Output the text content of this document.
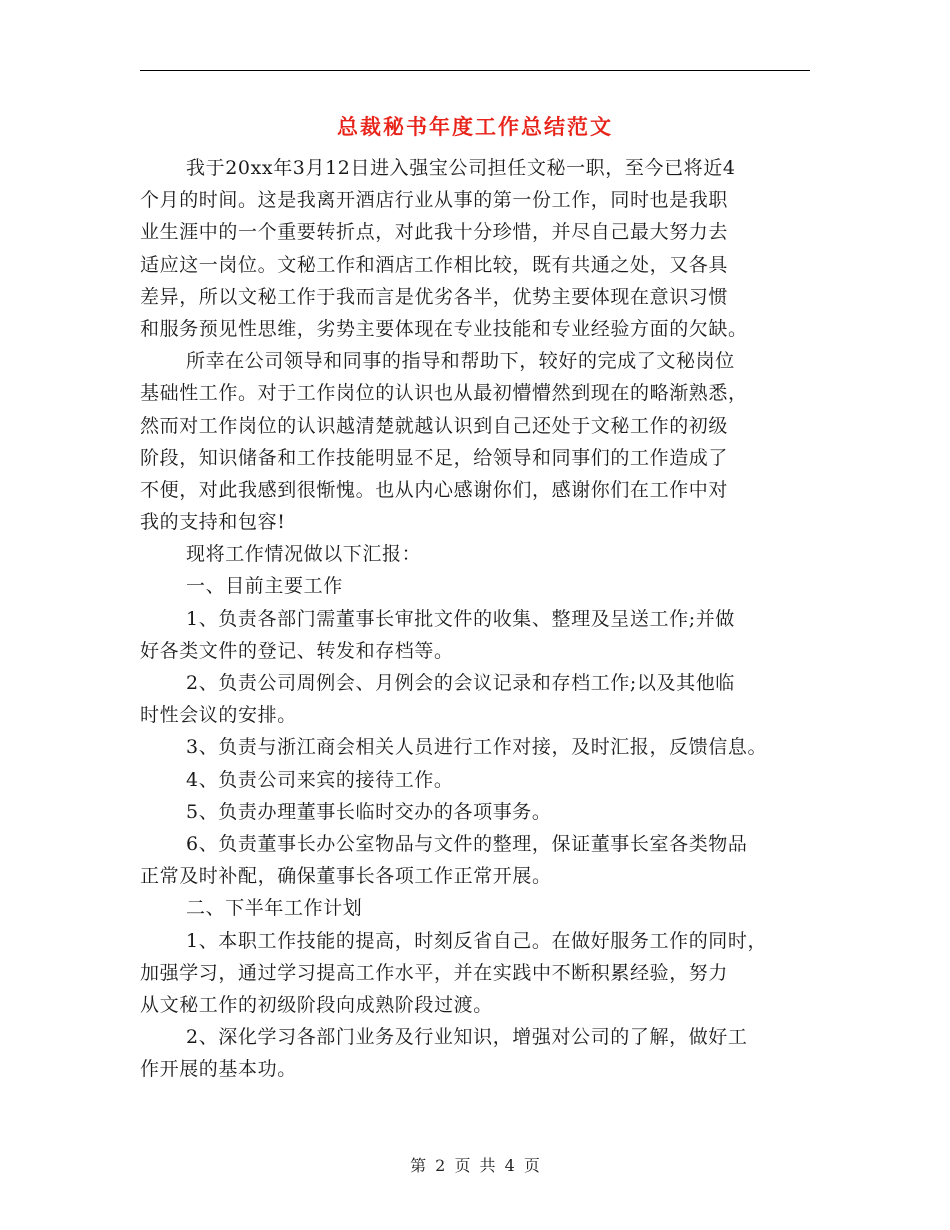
总裁秘书年度工作总结范文
我于20xx年3月12日进入强宝公司担任文秘一职，至今已将近4
个月的时间。这是我离开酒店行业从事的第一份工作，同时也是我职
业生涯中的一个重要转折点，对此我十分珍惜，并尽自己最大努力去
适应这一岗位。文秘工作和酒店工作相比较，既有共通之处，又各具
差异，所以文秘工作于我而言是优劣各半，优势主要体现在意识习惯
和服务预见性思维，劣势主要体现在专业技能和专业经验方面的欠缺。
所幸在公司领导和同事的指导和帮助下，较好的完成了文秘岗位
基础性工作。对于工作岗位的认识也从最初懵懵然到现在的略渐熟悉，
然而对工作岗位的认识越清楚就越认识到自己还处于文秘工作的初级
阶段，知识储备和工作技能明显不足，给领导和同事们的工作造成了
不便，对此我感到很惭愧。也从内心感谢你们，感谢你们在工作中对
我的支持和包容!
现将工作情况做以下汇报：
一、目前主要工作
1、负责各部门需董事长审批文件的收集、整理及呈送工作;并做
好各类文件的登记、转发和存档等。
2、负责公司周例会、月例会的会议记录和存档工作;以及其他临
时性会议的安排。
3、负责与浙江商会相关人员进行工作对接，及时汇报，反馈信息。
4、负责公司来宾的接待工作。
5、负责办理董事长临时交办的各项事务。
6、负责董事长办公室物品与文件的整理，保证董事长室各类物品
正常及时补配，确保董事长各项工作正常开展。
二、下半年工作计划
1、本职工作技能的提高，时刻反省自己。在做好服务工作的同时，
加强学习，通过学习提高工作水平，并在实践中不断积累经验，努力
从文秘工作的初级阶段向成熟阶段过渡。
2、深化学习各部门业务及行业知识，增强对公司的了解，做好工
作开展的基本功。
第 2 页 共 4 页
